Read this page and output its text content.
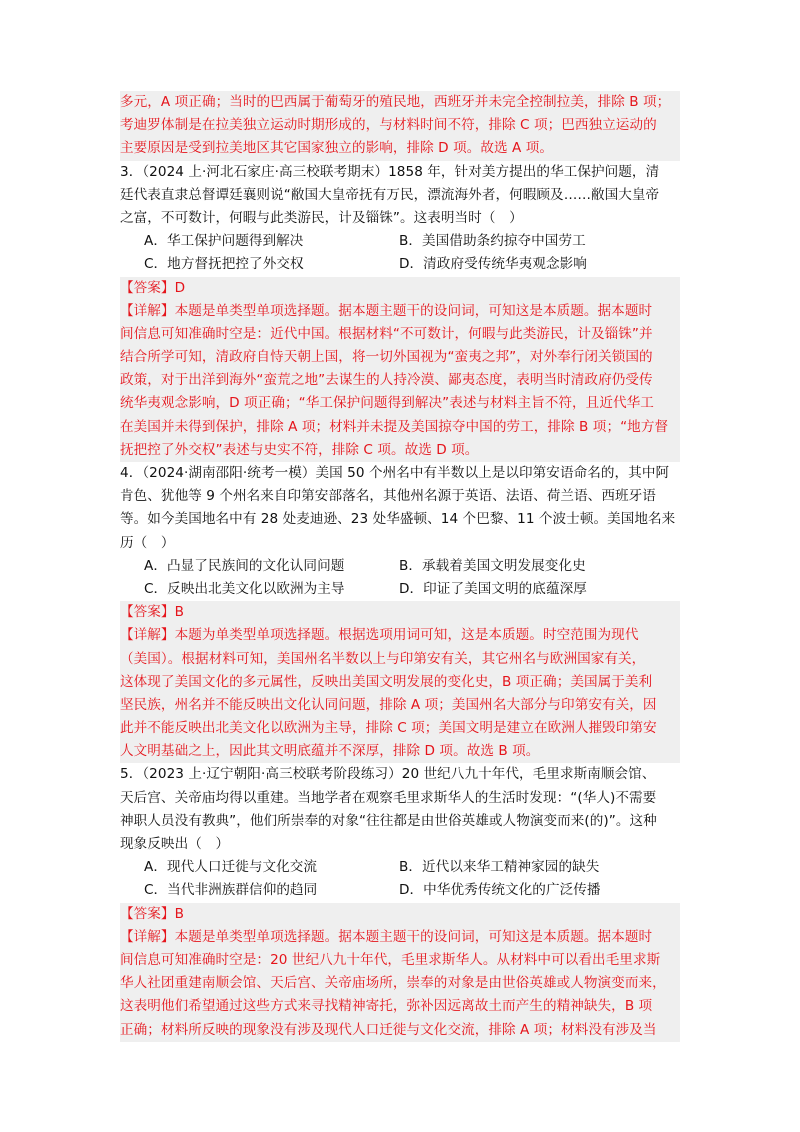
多元，A 项正确；当时的巴西属于葡萄牙的殖民地，西班牙并未完全控制拉美，排除 B 项；
考迪罗体制是在拉美独立运动时期形成的，与材料时间不符，排除 C 项；巴西独立运动的
主要原因是受到拉美地区其它国家独立的影响，排除 D 项。故选 A 项。
3．（2024 上·河北石家庄·高三校联考期末）1858 年，针对美方提出的华工保护问题，清
廷代表直隶总督谭廷襄则说“敝国大皇帝抚有万民，漂流海外者，何暇顾及……敝国大皇帝
之富，不可数计，何暇与此类游民，计及锱铢”。这表明当时（　）
A．华工保护问题得到解决	B．美国借助条约掠夺中国劳工
C．地方督抚把控了外交权	D．清政府受传统华夷观念影响
【答案】D
【详解】本题是单类型单项选择题。据本题主题干的设问词，可知这是本质题。据本题时
间信息可知准确时空是：近代中国。根据材料“不可数计，何暇与此类游民，计及锱铢”并
结合所学可知，清政府自恃天朝上国，将一切外国视为“蛮夷之邦”，对外奉行闭关锁国的
政策，对于出洋到海外“蛮荒之地”去谋生的人持冷漠、鄙夷态度，表明当时清政府仍受传
统华夷观念影响，D 项正确；“华工保护问题得到解决”表述与材料主旨不符，且近代华工
在美国并未得到保护，排除 A 项；材料并未提及美国掠夺中国的劳工，排除 B 项；“地方督
抚把控了外交权”表述与史实不符，排除 C 项。故选 D 项。
4．（2024·湖南邵阳·统考一模）美国 50 个州名中有半数以上是以印第安语命名的，其中阿
肯色、犹他等 9 个州名来自印第安部落名，其他州名源于英语、法语、荷兰语、西班牙语
等。如今美国地名中有 28 处麦迪逊、23 处华盛顿、14 个巴黎、11 个波士顿。美国地名来
历（　）
A．凸显了民族间的文化认同问题	B．承载着美国文明发展变化史
C．反映出北美文化以欧洲为主导	D．印证了美国文明的底蕴深厚
【答案】B
【详解】本题为单类型单项选择题。根据选项用词可知，这是本质题。时空范围为现代
（美国）。根据材料可知，美国州名半数以上与印第安有关，其它州名与欧洲国家有关，
这体现了美国文化的多元属性，反映出美国文明发展的变化史，B 项正确；美国属于美利
坚民族，州名并不能反映出文化认同问题，排除 A 项；美国州名大部分与印第安有关，因
此并不能反映出北美文化以欧洲为主导，排除 C 项；美国文明是建立在欧洲人摧毁印第安
人文明基础之上，因此其文明底蕴并不深厚，排除 D 项。故选 B 项。
5．（2023 上·辽宁朝阳·高三校联考阶段练习）20 世纪八九十年代，毛里求斯南顺会馆、
天后宫、关帝庙均得以重建。当地学者在观察毛里求斯华人的生活时发现：“(华人)不需要
神职人员没有教典”，他们所崇奉的对象“往往都是由世俗英雄或人物演变而来(的)”。这种
现象反映出（　）
A．现代人口迁徙与文化交流	B．近代以来华工精神家园的缺失
C．当代非洲族群信仰的趋同	D．中华优秀传统文化的广泛传播
【答案】B
【详解】本题是单类型单项选择题。据本题主题干的设问词，可知这是本质题。据本题时
间信息可知准确时空是：20 世纪八九十年代，毛里求斯华人。从材料中可以看出毛里求斯
华人社团重建南顺会馆、天后宫、关帝庙场所，崇奉的对象是由世俗英雄或人物演变而来，
这表明他们希望通过这些方式来寻找精神寄托，弥补因远离故土而产生的精神缺失，B 项
正确；材料所反映的现象没有涉及现代人口迁徙与文化交流，排除 A 项；材料没有涉及当
